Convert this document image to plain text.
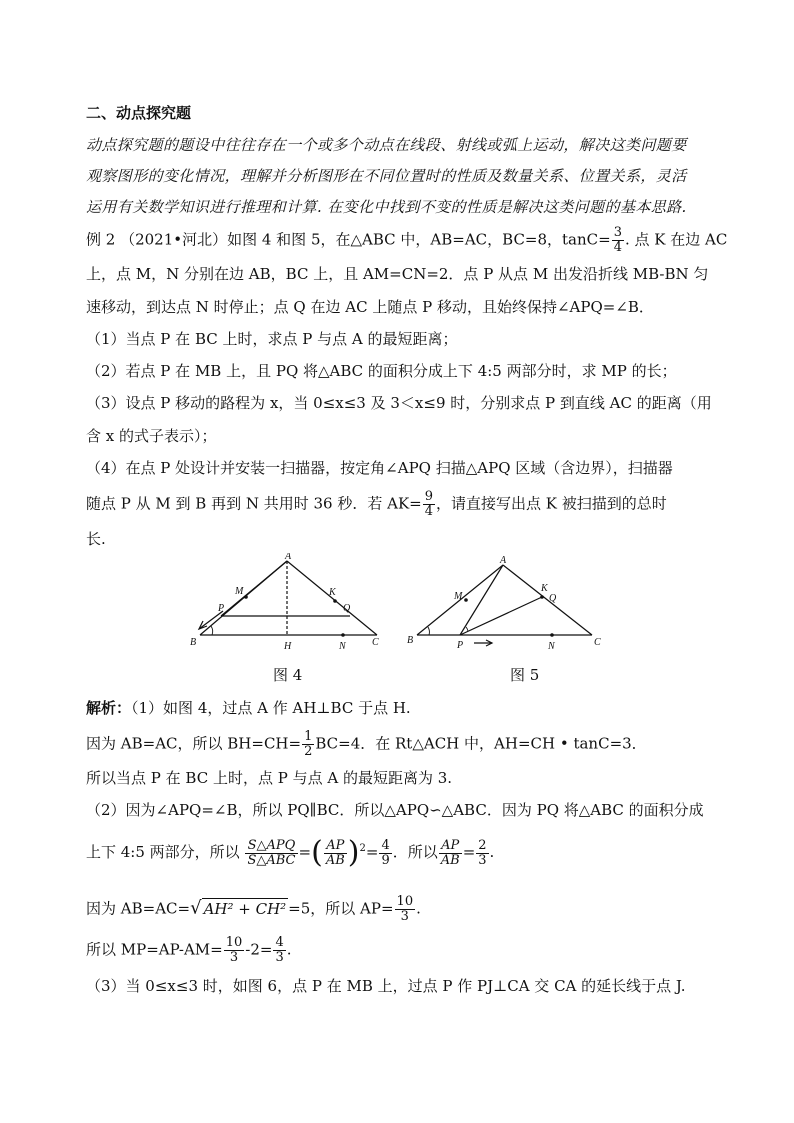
二、动点探究题
动点探究题的题设中往往存在一个或多个动点在线段、射线或弧上运动，解决这类问题要
观察图形的变化情况，理解并分析图形在不同位置时的性质及数量关系、位置关系，灵活
运用有关数学知识进行推理和计算. 在变化中找到不变的性质是解决这类问题的基本思路.
例 2 （2021•河北）如图 4 和图 5，在△ABC 中，AB=AC，BC=8，$\tan C= \frac{3}{4}$ . 点 K 在边 AC
上，点 M，N 分别在边 AB，BC 上，且 AM=CN=2．点 P 从点 M 出发沿折线 MB-BN 匀
速移动，到达点 N 时停止；点 Q 在边 AC 上随点 P 移动，且始终保持∠APQ=∠B．
（1）当点 P 在 BC 上时，求点 P 与点 A 的最短距离；
（2）若点 P 在 MB 上，且 PQ 将△ABC 的面积分成上下 4:5 两部分时，求 MP 的长；
（3）设点 P 移动的路程为 x，当 0≤x≤3 及 3＜x≤9 时，分别求点 P 到直线 AC 的距离（用
含 x 的式子表示）；
（4）在点 P 处设计并安装一扫描器，按定角∠APQ 扫描△APQ 区域（含边界），扫描器
随点 P 从 M 到 B 再到 N 共用时 36 秒．若 $AK= \frac{9}{4}$ ，请直接写出点 K 被扫描到的总时
长.
A
M	K
P	Q
B	H	N	C
图 4
A
M
K
Q
B	P	N	C
图 5
解析：（1）如图 4，过点 A 作 AH⊥BC 于点 H.
因为 AB=AC，所以 $BH=CH= \frac{1}{2} BC=4$．在 Rt△ACH 中，AH=CH • tanC=3．
所以当点 P 在 BC 上时，点 P 与点 A 的最短距离为 3.
（2）因为∠APQ=∠B，所以 PQ∥BC．所以△APQ∽△ABC．因为 PQ 将△ABC 的面积分成
上下 4:5 两部分，所以 $\frac{\text{S△APQ}}{\text{S△ABC}}$ =( $\frac{AP}{AB} )^2= \frac{4}{9}$ ．所以 $\frac{AP}{AB} = \frac{2}{3}$ .
因为 AB=AC=√ AH² + CH² =5，所以 $AP= \frac{10}{3}$ .
所以 $MP=AP-AM= \frac{10}{3} -2= \frac{4}{3}$ .
（3）当 0≤x≤3 时，如图 6，点 P 在 MB 上，过点 P 作 PJ⊥CA 交 CA 的延长线于点 J.
